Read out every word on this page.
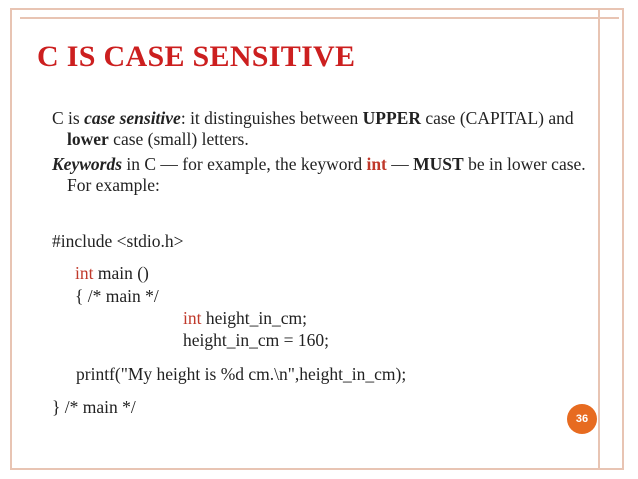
C IS CASE SENSITIVE
C is case sensitive: it distinguishes between UPPER case (CAPITAL) and lower case (small) letters.
Keywords in C — for example, the keyword int — MUST be in lower case. For example:
#include <stdio.h>
int main ()
{ /* main */
int height_in_cm;
height_in_cm = 160;
printf("My height is %d cm.\n",height_in_cm);
} /* main */
36
